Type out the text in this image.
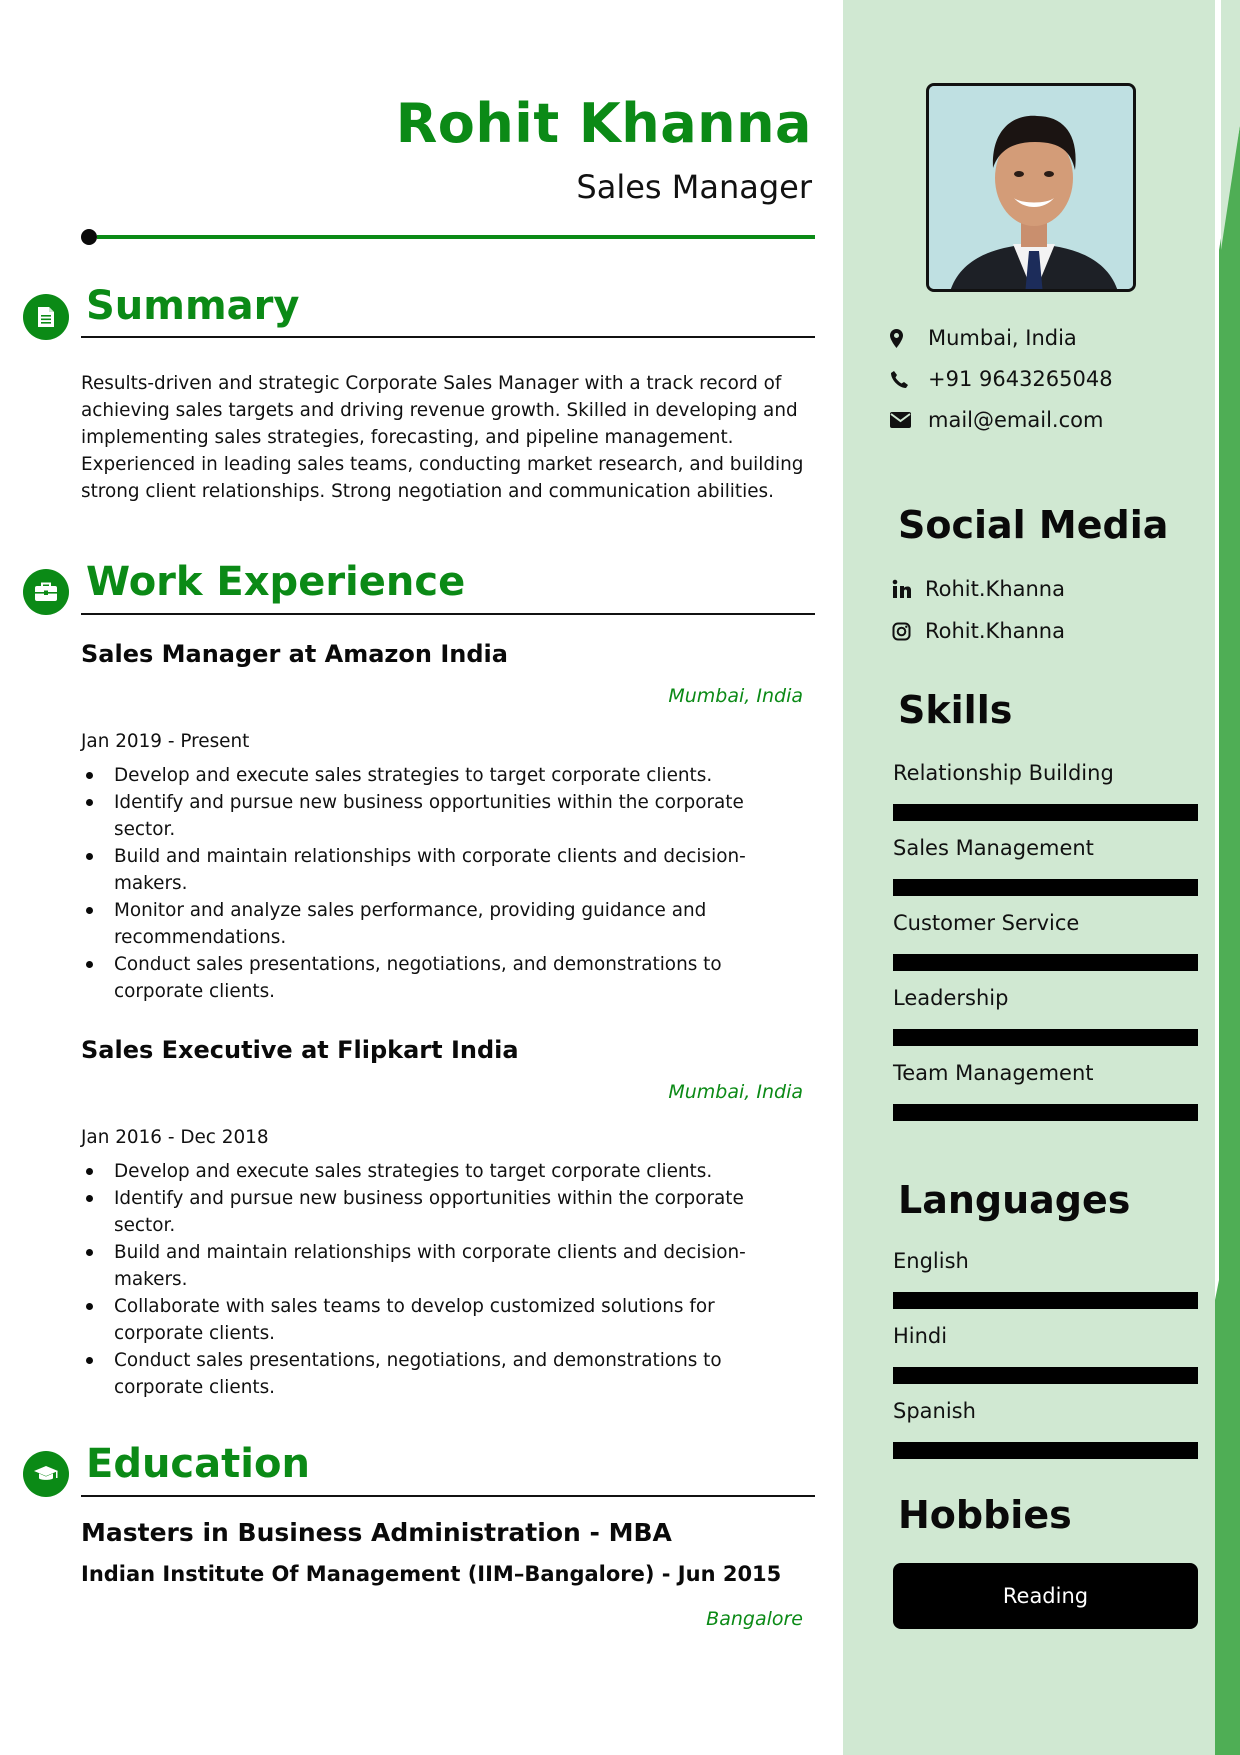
Mumbai, India
+91 9643265048
mail@email.com
Social Media
Rohit.Khanna
Rohit.Khanna
Skills
Relationship Building
Sales Management
Customer Service
Leadership
Team Management
Languages
English
Hindi
Spanish
Hobbies
Reading
Rohit Khanna
Sales Manager
Summary
Results-driven and strategic Corporate Sales Manager with a track record of achieving sales targets and driving revenue growth. Skilled in developing and implementing sales strategies, forecasting, and pipeline management. Experienced in leading sales teams, conducting market research, and building strong client relationships. Strong negotiation and communication abilities.
Work Experience
Sales Manager at Amazon India
Mumbai, India
Jan 2019 - Present
Develop and execute sales strategies to target corporate clients.
Identify and pursue new business opportunities within the corporate sector.
Build and maintain relationships with corporate clients and decision-makers.
Monitor and analyze sales performance, providing guidance and recommendations.
Conduct sales presentations, negotiations, and demonstrations to corporate clients.
Sales Executive at Flipkart India
Mumbai, India
Jan 2016 - Dec 2018
Develop and execute sales strategies to target corporate clients.
Identify and pursue new business opportunities within the corporate sector.
Build and maintain relationships with corporate clients and decision-makers.
Collaborate with sales teams to develop customized solutions for corporate clients.
Conduct sales presentations, negotiations, and demonstrations to corporate clients.
Education
Masters in Business Administration - MBA
Indian Institute Of Management (IIM–Bangalore) - Jun 2015
Bangalore
